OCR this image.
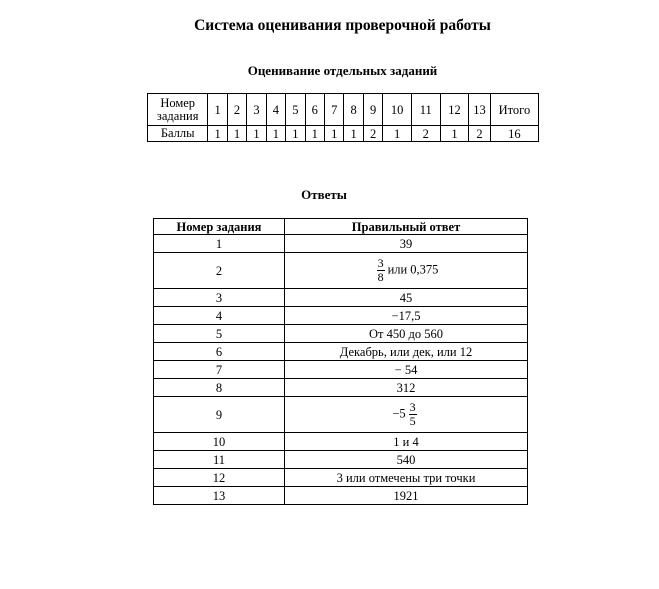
Система оценивания проверочной работы
Оценивание отдельных заданий
Номер задания	1	2	3	4	5	6	7	8	9	10	11	12	13	Итого
Баллы	1	1	1	1	1	1	1	1	2	1	2	1	2	16
Ответы
Номер задания	Правильный ответ
1	39
2	$\frac{3}{8}$ или 0,375
3	45
4	−17,5
5	От 450 до 560
6	Декабрь, или дек, или 12
7	− 54
8	312
9	$-5 \frac{3}{5}$

10	1 и 4
11	540
12	3 или отмечены три точки
13	1921
